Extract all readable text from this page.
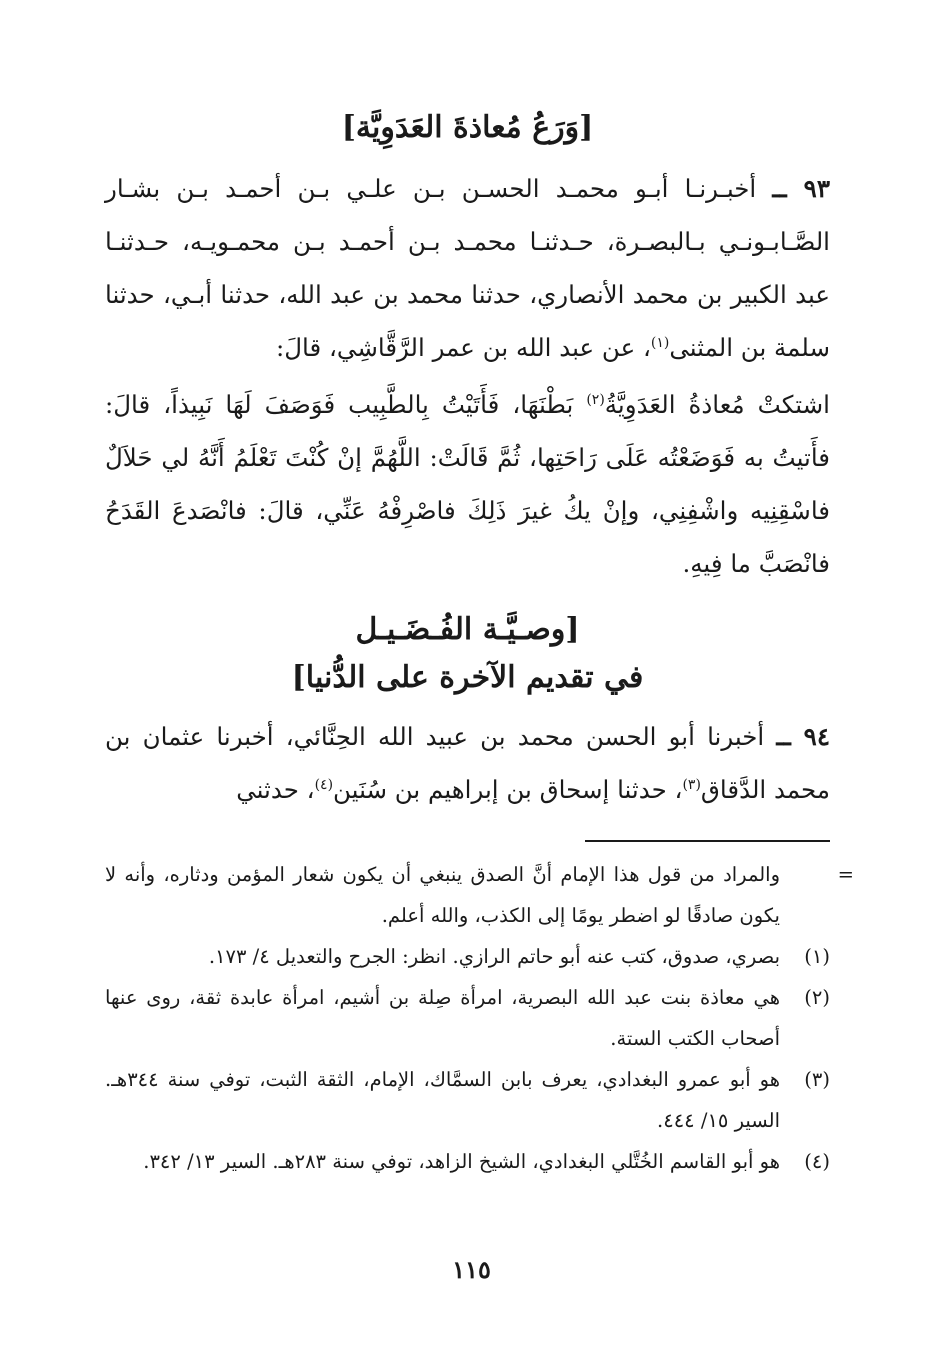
[وَرَعُ مُعاذةَ العَدَوِيَّة]

٩٣ ــ أخبـرنـا أبـو محمـد الحسـن بـن علـي بـن أحمـد بـن بشـار الصَّـابـونـي بـالبصـرة، حـدثنـا محمـد بـن أحمـد بـن محمـويـه، حـدثنـا عبد الكبير بن محمد الأنصاري، حدثنا محمد بن عبد الله، حدثنا أبـي، حدثنا سلمة بن المثنى$^{(١)}$، عن عبد الله بن عمر الرَّقَّاشِي، قالَ:

اشتكتْ مُعاذةُ العَدَوِيَّةُ$^{(٢)}$ بَطْنَهَا، فَأَتَيْتُ بِالطَّبِيب فَوَصَفَ لَهَا نَبِيذاً، قالَ: فأَتيتُ به فَوَضَعْتُه عَلَى رَاحَتِها، ثُمَّ قَالَتْ: اللَّهُمَّ إنْ كُنْتَ تَعْلَمُ أَنَّهُ لي حَلاَلٌ فاسْقِنِيه واشْفِنِي، وإنْ يكُ غيرَ ذَلِكَ فاصْرِفْهُ عَنِّي، قالَ: فانْصَدعَ القَدَحُ فانْصَبَّ ما فِيهِ.

[وصـيَّـة الفُـضَـيـل
في تقديم الآخرة على الدُّنيا]

٩٤ ــ أخبرنا أبو الحسن محمد بن عبيد الله الحِنَّائي، أخبرنا عثمان بن محمد الدَّقاق$^{(٣)}$، حدثنا إسحاق بن إبراهيم بن سُنَين$^{(٤)}$، حدثني

=
والمراد من قول هذا الإمام أنَّ الصدق ينبغي أن يكون شعار المؤمن ودثاره، وأنه لا يكون صادقًا لو اضطر يومًا إلى الكذب، والله أعلم.
(١)
بصري، صدوق، كتب عنه أبو حاتم الرازي. انظر: الجرح والتعديل ٤/ ١٧٣.
(٢)
هي معاذة بنت عبد الله البصرية، امرأة صِلة بن أشيم، امرأة عابدة ثقة، روى عنها أصحاب الكتب الستة.
(٣)
هو أبو عمرو البغدادي، يعرف بابن السمَّاك، الإمام، الثقة الثبت، توفي سنة ٣٤٤هـ. السير ١٥/ ٤٤٤.
(٤)
هو أبو القاسم الخُتَّلي البغدادي، الشيخ الزاهد، توفي سنة ٢٨٣هـ. السير ١٣/ ٣٤٢.
١١٥
